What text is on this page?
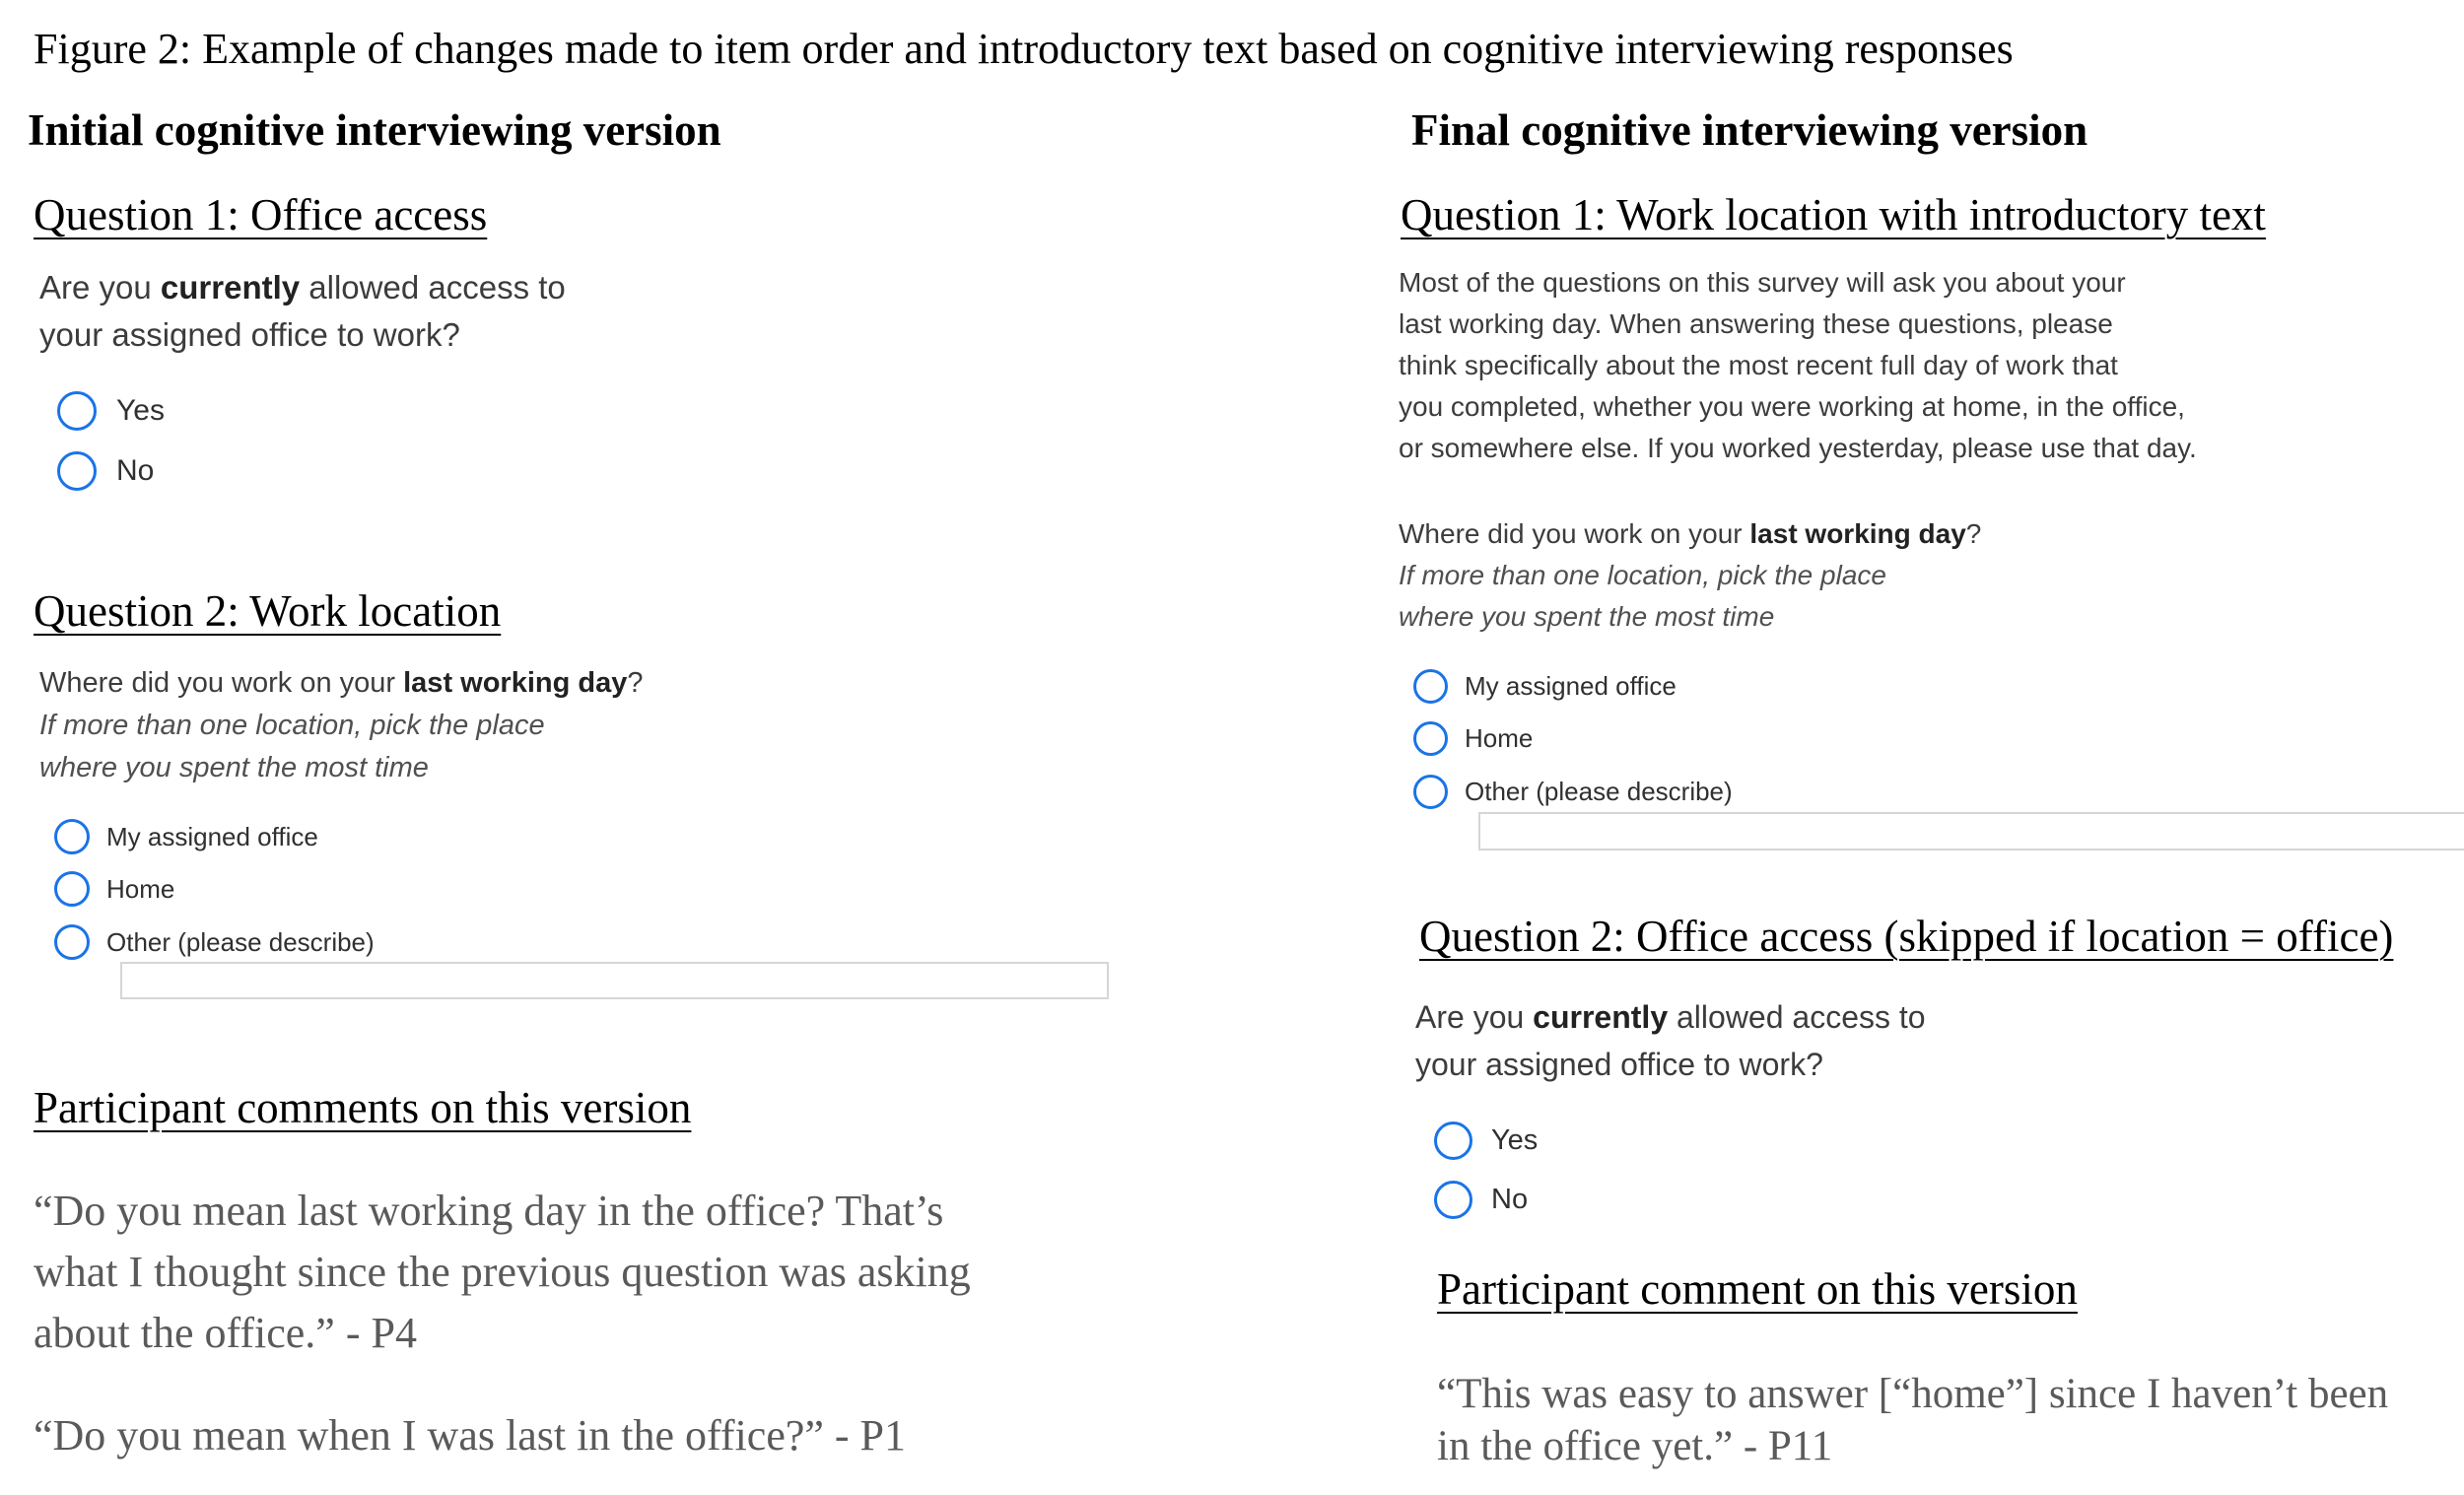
Figure 2: Example of changes made to item order and introductory text based on cognitive interviewing responses
Initial cognitive interviewing version
Question 1: Office access
Are you currently allowed access to
your assigned office to work?
Yes
No
Question 2: Work location
Where did you work on your last working day?
If more than one location, pick the place
where you spent the most time
My assigned office
Home
Other (please describe)
Participant comments on this version
“Do you mean last working day in the office? That’s
what I thought since the previous question was asking
about the office.” - P4
“Do you mean when I was last in the office?” - P1
Final cognitive interviewing version
Question 1: Work location with introductory text
Most of the questions on this survey will ask you about your
last working day. When answering these questions, please
think specifically about the most recent full day of work that
you completed, whether you were working at home, in the office,
or somewhere else. If you worked yesterday, please use that day.
Where did you work on your last working day?
If more than one location, pick the place
where you spent the most time
My assigned office
Home
Other (please describe)
Question 2: Office access (skipped if location = office)
Are you currently allowed access to
your assigned office to work?
Yes
No
Participant comment on this version
“This was easy to answer [“home”] since I haven’t been
in the office yet.” - P11
